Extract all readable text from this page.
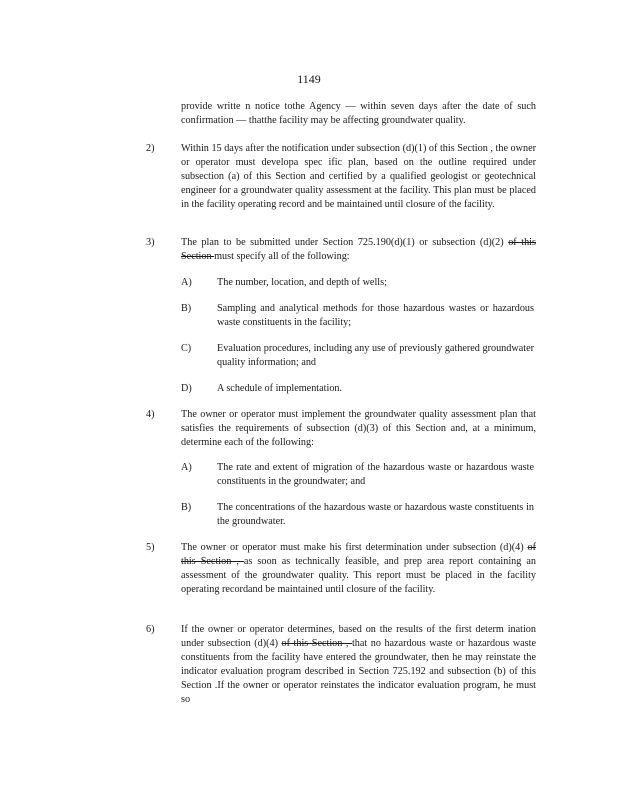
1149
provide writte n notice tothe Agency — within seven days after the date of such confirmation — thatthe facility may be affecting groundwater quality.
2)	Within 15 days after the notification under subsection (d)(1) of this Section , the owner or operator must developa spec ific plan, based on the outline required under subsection (a) of this Section and certified by a qualified geologist or geotechnical engineer for a groundwater quality assessment at the facility. This plan must be placed in the facility operating record and be maintained until closure of the facility.
3)	The plan to be submitted under Section 725.190(d)(1) or subsection (d)(2) of this Section must specify all of the following:
A) The number, location, and depth of wells;
B)	Sampling and analytical methods for those hazardous wastes or hazardous waste constituents in the facility;
C)	Evaluation procedures, including any use of previously gathered groundwater quality information; and
D) A schedule of implementation.
4)	The owner or operator must implement the groundwater quality assessment plan that satisfies the requirements of subsection (d)(3) of this Section and, at a minimum, determine each of the following:
A) The rate and extent of migration of the hazardous waste or hazardous waste constituents in the groundwater; and
B)	The concentrations of the hazardous waste or hazardous waste constituents in the groundwater.
5)	The owner or operator must make his first determination under subsection (d)(4) of this Section , as soon as technically feasible, and prep area report containing an assessment of the groundwater quality. This report must be placed in the facility operating recordand be maintained until closure of the facility.
6)	If the owner or operator determines, based on the results of the first determ ination under subsection (d)(4) of this Section , that no hazardous waste or hazardous waste constituents from the facility have entered the groundwater, then he may reinstate the indicator evaluation program described in Section 725.192 and subsection (b) of this Section .If the owner or operator reinstates the indicator evaluation program, he must so
